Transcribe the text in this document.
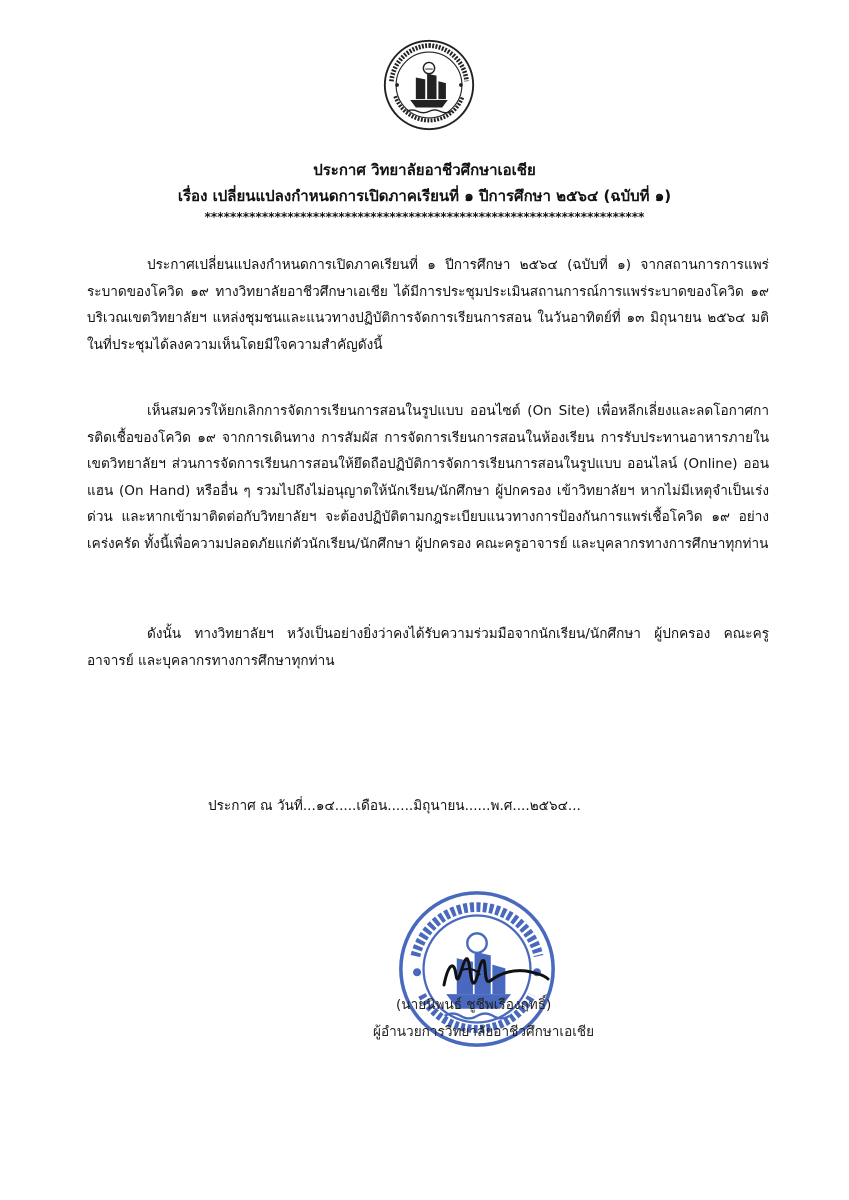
ประกาศ วิทยาลัยอาชีวศึกษาเอเชีย
เรื่อง เปลี่ยนแปลงกำหนดการเปิดภาคเรียนที่ ๑ ปีการศึกษา ๒๕๖๔ (ฉบับที่ ๑)
*********************************************************************
ประกาศเปลี่ยนแปลงกำหนดการเปิดภาคเรียนที่ ๑ ปีการศึกษา ๒๕๖๔ (ฉบับที่ ๑) จากสถานการการแพร่ระบาดของโควิด ๑๙ ทางวิทยาลัยอาชีวศึกษาเอเชีย ได้มีการประชุมประเมินสถานการณ์การแพร่ระบาดของโควิด ๑๙ บริเวณเขตวิทยาลัยฯ แหล่งชุมชนและแนวทางปฏิบัติการจัดการเรียนการสอน ในวันอาทิตย์ที่ ๑๓ มิถุนายน ๒๕๖๔ มติในที่ประชุมได้ลงความเห็นโดยมีใจความสำคัญดังนี้
เห็นสมควรให้ยกเลิกการจัดการเรียนการสอนในรูปแบบ ออนไซต์ (On Site) เพื่อหลีกเลี่ยงและลดโอกาศการติดเชื้อของโควิด ๑๙ จากการเดินทาง การสัมผัส การจัดการเรียนการสอนในห้องเรียน การรับประทานอาหารภายในเขตวิทยาลัยฯ ส่วนการจัดการเรียนการสอนให้ยึดถือปฏิบัติการจัดการเรียนการสอนในรูปแบบ ออนไลน์ (Online) ออนแฮน (On Hand) หรืออื่น ๆ รวมไปถึงไม่อนุญาตให้นักเรียน/นักศึกษา ผู้ปกครอง เข้าวิทยาลัยฯ หากไม่มีเหตุจำเป็นเร่งด่วน และหากเข้ามาติดต่อกับวิทยาลัยฯ จะต้องปฏิบัติตามกฎระเบียบแนวทางการป้องกันการแพร่เชื้อโควิด ๑๙ อย่างเคร่งครัด ทั้งนี้เพื่อความปลอดภัยแก่ตัวนักเรียน/นักศึกษา ผู้ปกครอง คณะครูอาจารย์ และบุคลากรทางการศึกษาทุกท่าน
ดังนั้น ทางวิทยาลัยฯ หวังเป็นอย่างยิ่งว่าคงได้รับความร่วมมือจากนักเรียน/นักศึกษา ผู้ปกครอง คณะครูอาจารย์ และบุคลากรทางการศึกษาทุกท่าน
ประกาศ ณ วันที่...๑๔.....เดือน......มิถุนายน......พ.ศ....๒๕๖๔...
(นายนิพนธ์ ชูชีพเรืองฤทธิ์)
ผู้อำนวยการวิทยาลัยอาชีวศึกษาเอเชีย
